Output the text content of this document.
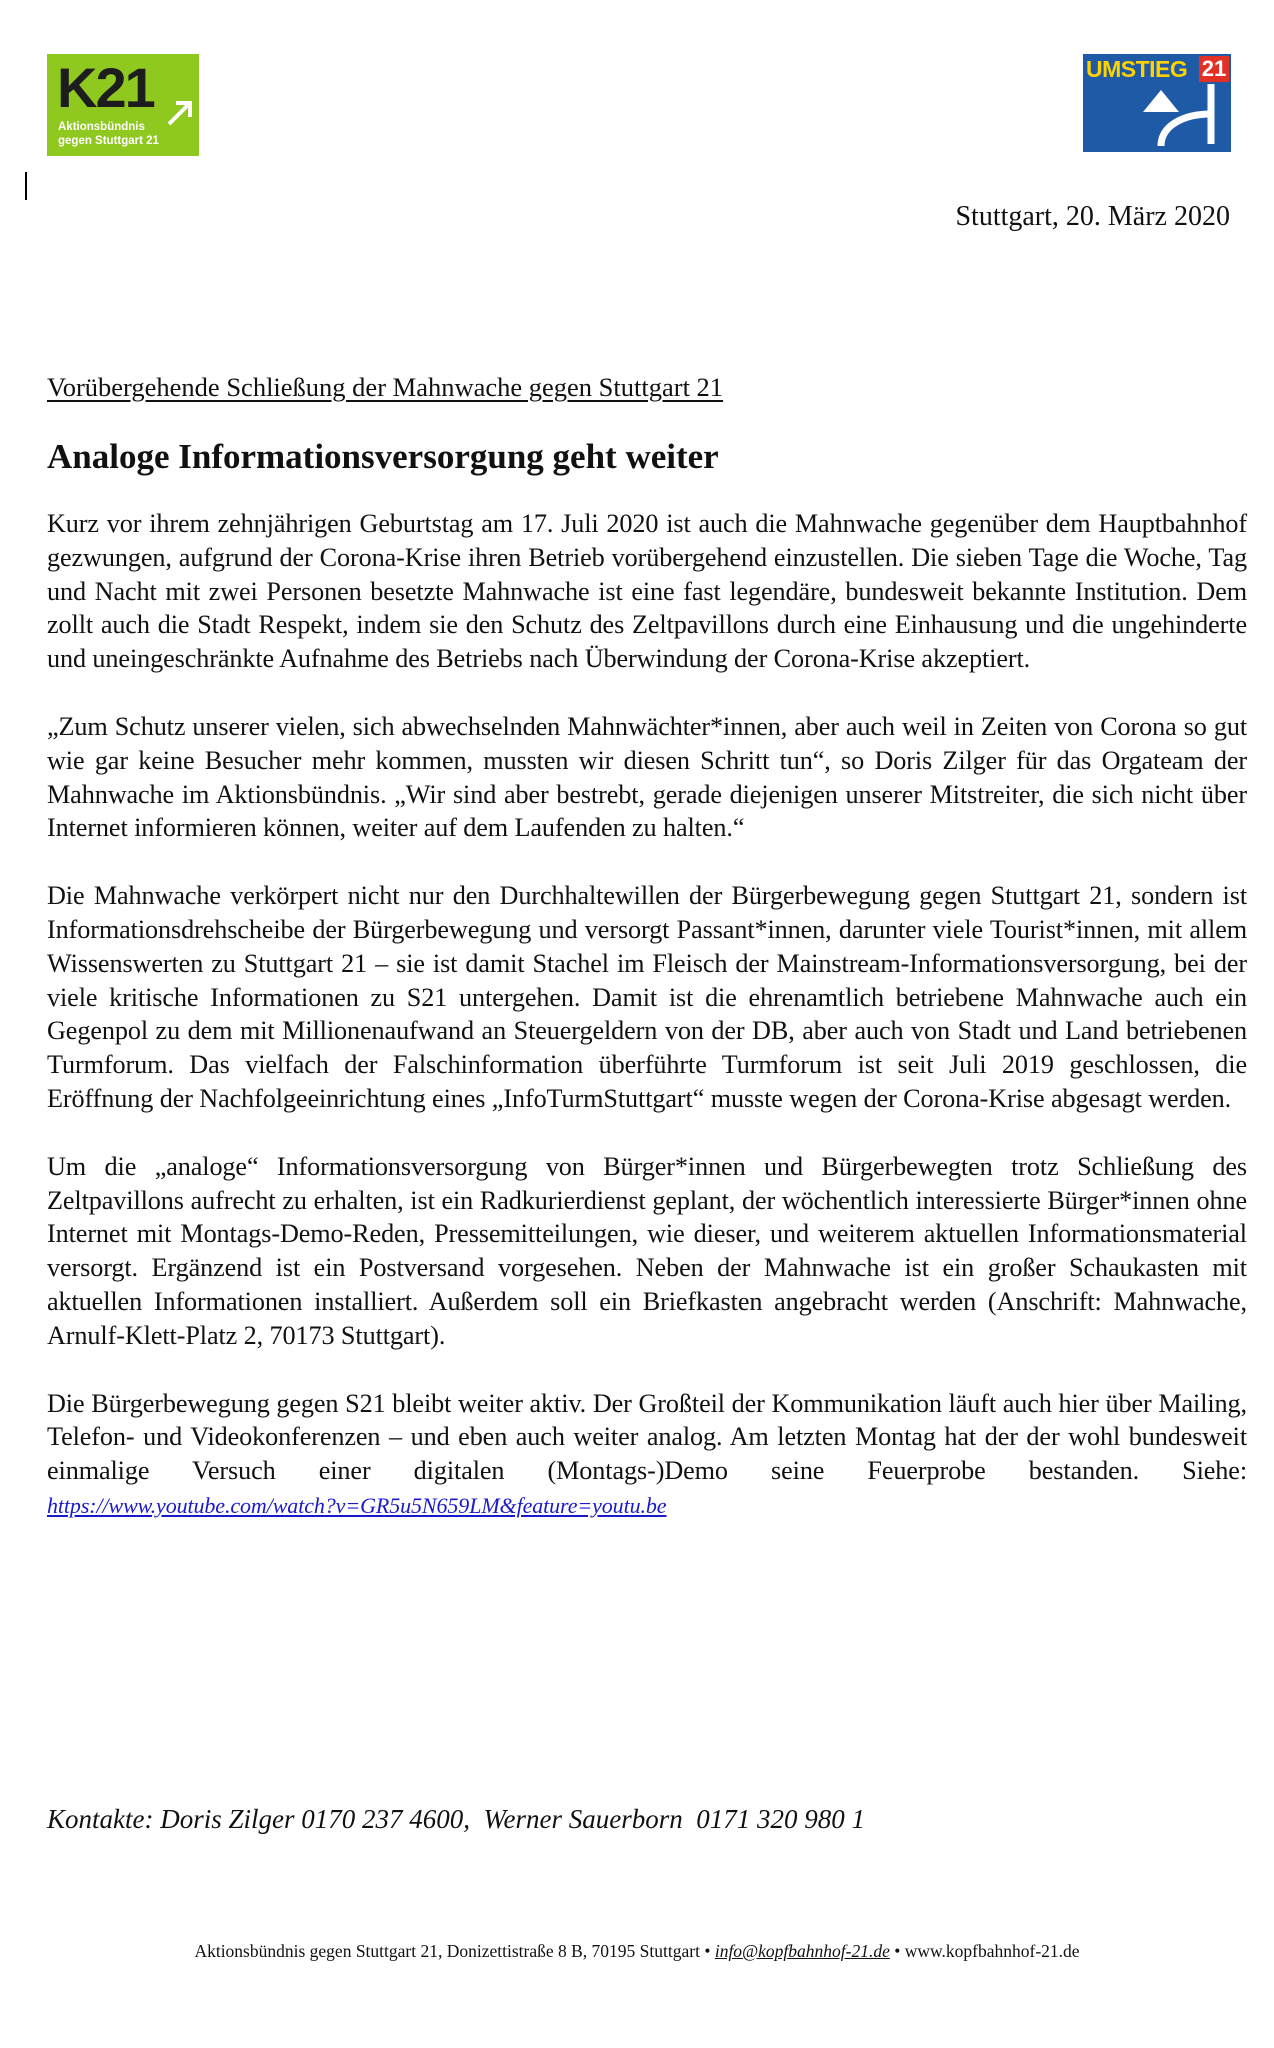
K21
Aktionsbündnis
gegen Stuttgart 21
UMSTIEG 21
Stuttgart, 20. März 2020
Vorübergehende Schließung der Mahnwache gegen Stuttgart 21
Analoge Informationsversorgung geht weiter

Kurz vor ihrem zehnjährigen Geburtstag am 17. Juli 2020 ist auch die Mahnwache gegenüber dem Hauptbahnhof gezwungen, aufgrund der Corona-Krise ihren Betrieb vorübergehend einzustellen. Die sieben Tage die Woche, Tag und Nacht mit zwei Personen besetzte Mahnwache ist eine fast legendäre, bundesweit bekannte Institution. Dem zollt auch die Stadt Respekt, indem sie den Schutz des Zeltpavillons durch eine Einhausung und die ungehinderte und uneingeschränkte Aufnahme des Betriebs nach Überwindung der Corona-Krise akzeptiert.

„Zum Schutz unserer vielen, sich abwechselnden Mahnwächter*innen, aber auch weil in Zeiten von Corona so gut wie gar keine Besucher mehr kommen, mussten wir diesen Schritt tun“, so Doris Zilger für das Orgateam der Mahnwache im Aktionsbündnis. „Wir sind aber bestrebt, gerade diejenigen unserer Mitstreiter, die sich nicht über Internet informieren können, weiter auf dem Laufenden zu halten.“

Die Mahnwache verkörpert nicht nur den Durchhaltewillen der Bürgerbewegung gegen Stuttgart 21, sondern ist Informationsdrehscheibe der Bürgerbewegung und versorgt Passant*innen, darunter viele Tourist*innen, mit allem Wissenswerten zu Stuttgart 21 – sie ist damit Stachel im Fleisch der Mainstream-Informationsversorgung, bei der viele kritische Informationen zu S21 untergehen. Damit ist die ehrenamtlich betriebene Mahnwache auch ein Gegenpol zu dem mit Millionenaufwand an Steuergeldern von der DB, aber auch von Stadt und Land betriebenen Turmforum. Das vielfach der Falschinformation überführte Turmforum ist seit Juli 2019 geschlossen, die Eröffnung der Nachfolgeeinrichtung eines „InfoTurmStuttgart“ musste wegen der Corona-Krise abgesagt werden.

Um die „analoge“ Informationsversorgung von Bürger*innen und Bürgerbewegten trotz Schließung des Zeltpavillons aufrecht zu erhalten, ist ein Radkurierdienst geplant, der wöchentlich interessierte Bürger*innen ohne Internet mit Montags-Demo-Reden, Pressemitteilungen, wie dieser, und weiterem aktuellen Informationsmaterial versorgt. Ergänzend ist ein Postversand vorgesehen. Neben der Mahnwache ist ein großer Schaukasten mit aktuellen Informationen installiert. Außerdem soll ein Briefkasten angebracht werden (Anschrift: Mahnwache, Arnulf-Klett-Platz 2, 70173 Stuttgart).

Die Bürgerbewegung gegen S21 bleibt weiter aktiv. Der Großteil der Kommunikation läuft auch hier über Mailing, Telefon- und Videokonferenzen – und eben auch weiter analog. Am letzten Montag hat der der wohl bundesweit einmalige Versuch einer digitalen (Montags-)Demo seine Feuerprobe bestanden. Siehe: https://www.youtube.com/watch?v=GR5u5N659LM&feature=youtu.be

Kontakte: Doris Zilger 0170 237 4600,  Werner Sauerborn  0171 320 980 1
Aktionsbündnis gegen Stuttgart 21, Donizettistraße 8 B, 70195 Stuttgart • info@kopfbahnhof-21.de • www.kopfbahnhof-21.de
